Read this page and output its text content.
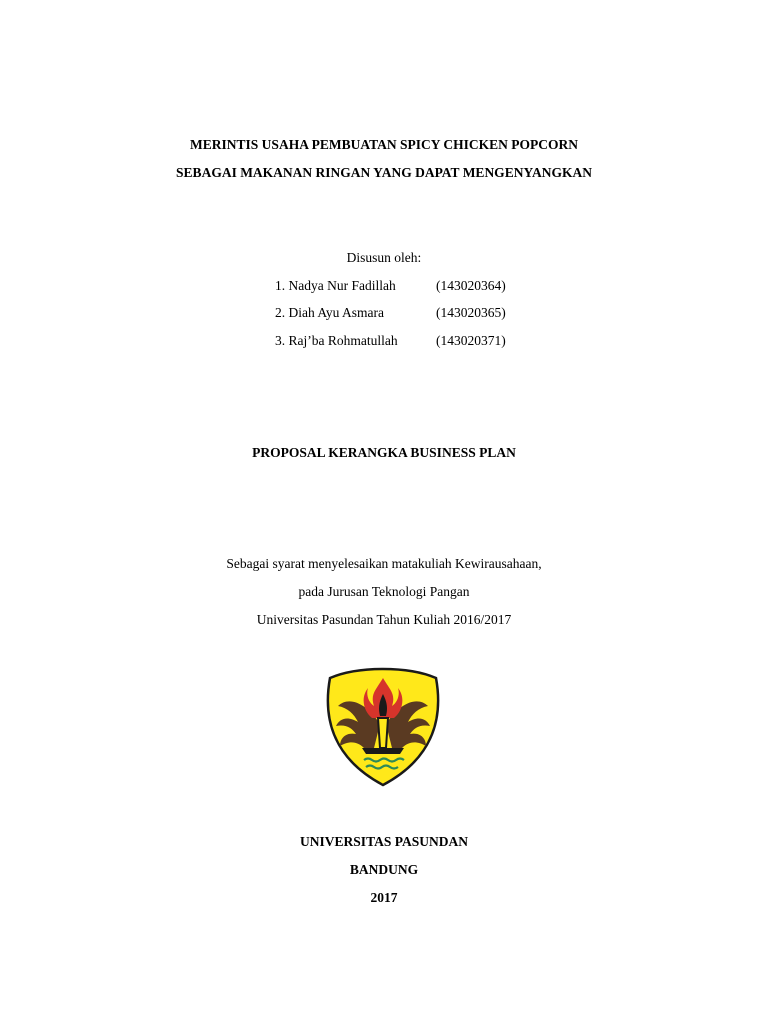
MERINTIS USAHA PEMBUATAN SPICY CHICKEN POPCORN
SEBAGAI MAKANAN RINGAN YANG DAPAT MENGENYANGKAN
Disusun oleh:
1. Nadya Nur Fadillah	(143020364)
2. Diah Ayu Asmara	(143020365)
3. Raj’ba Rohmatullah	(143020371)
PROPOSAL KERANGKA BUSINESS PLAN
Sebagai syarat menyelesaikan matakuliah Kewirausahaan,
pada Jurusan Teknologi Pangan
Universitas Pasundan Tahun Kuliah 2016/2017
UNIVERSITAS PASUNDAN
BANDUNG
2017
